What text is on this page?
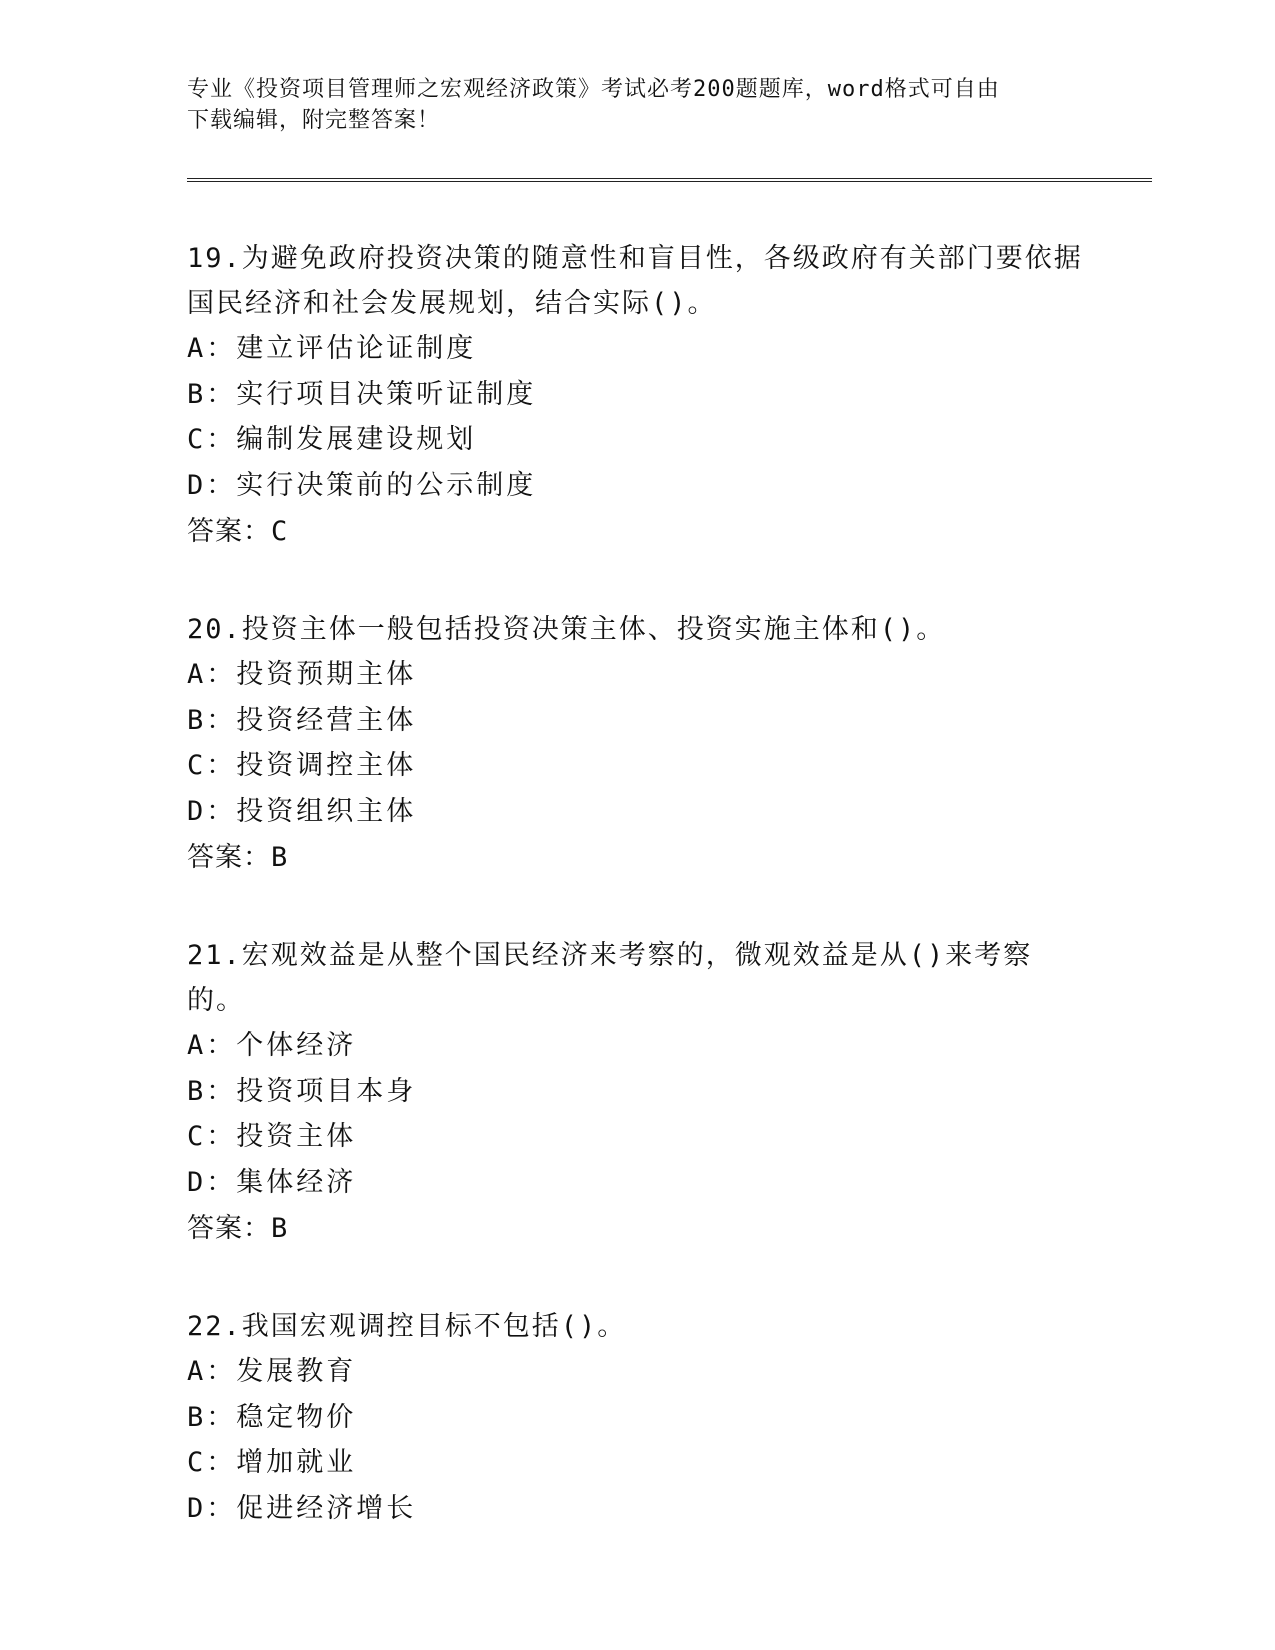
专业《投资项目管理师之宏观经济政策》考试必考200题题库，word格式可自由
下载编辑，附完整答案！
19.为避免政府投资决策的随意性和盲目性，各级政府有关部门要依据
国民经济和社会发展规划，结合实际()。
A：建立评估论证制度
B：实行项目决策听证制度
C：编制发展建设规划
D：实行决策前的公示制度
答案：C
20.投资主体一般包括投资决策主体、投资实施主体和()。
A：投资预期主体
B：投资经营主体
C：投资调控主体
D：投资组织主体
答案：B
21.宏观效益是从整个国民经济来考察的，微观效益是从()来考察的。
A：个体经济
B：投资项目本身
C：投资主体
D：集体经济
答案：B
22.我国宏观调控目标不包括()。
A：发展教育
B：稳定物价
C：增加就业
D：促进经济增长
